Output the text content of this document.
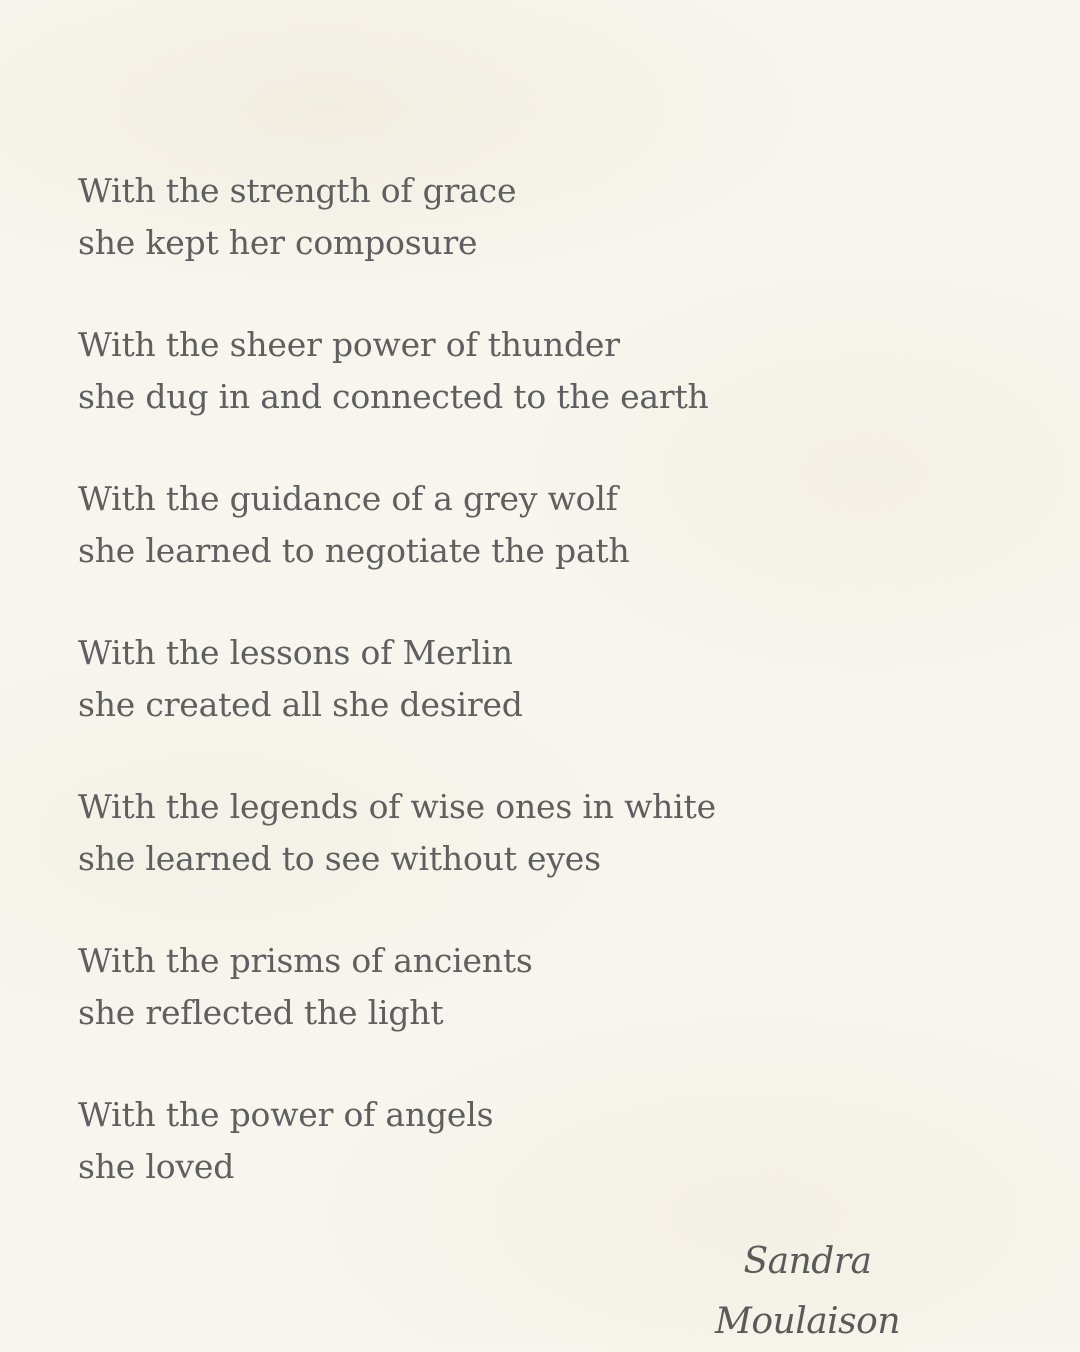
With the strength of grace
she kept her composure
With the sheer power of thunder
she dug in and connected to the earth
With the guidance of a grey wolf
she learned to negotiate the path
With the lessons of Merlin
she created all she desired
With the legends of wise ones in white
she learned to see without eyes
With the prisms of ancients
she reflected the light
With the power of angels
she loved
Sandra Moulaison
